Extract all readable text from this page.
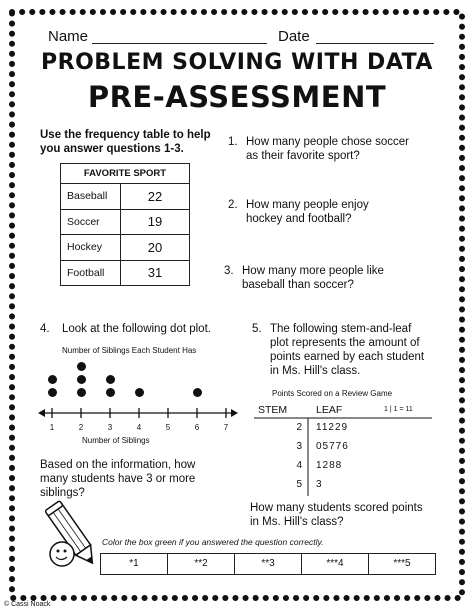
Name	Date
PROBLEM SOLVING WITH DATA
PRE-ASSESSMENT
Use the frequency table to help
you answer questions 1-3.
FAVORITE SPORT	
Baseball	22
Soccer	19
Hockey	20
Football	31
1. How many people chose soccer
as their favorite sport?
2. How many people enjoy
hockey and football?
3. How many more people like
baseball than soccer?
4. Look at the following dot plot.
Number of Siblings Each Student Has
1	2	3	4	5	6	7
Number of Siblings
Based on the information, how
many students have 3 or more
siblings?
5. The following stem-and-leaf
plot represents the amount of
points earned by each student
in Ms. Hill's class.
Points Scored on a Review Game
STEM	LEAF	1 | 1 = 11
2 11229
3 05776
4 1288
5 3
How many students scored points
in Ms. Hill's class?
Color the box green if you answered the question correctly.
*1	**2	**3	***4	***5
© Cassi Noack
